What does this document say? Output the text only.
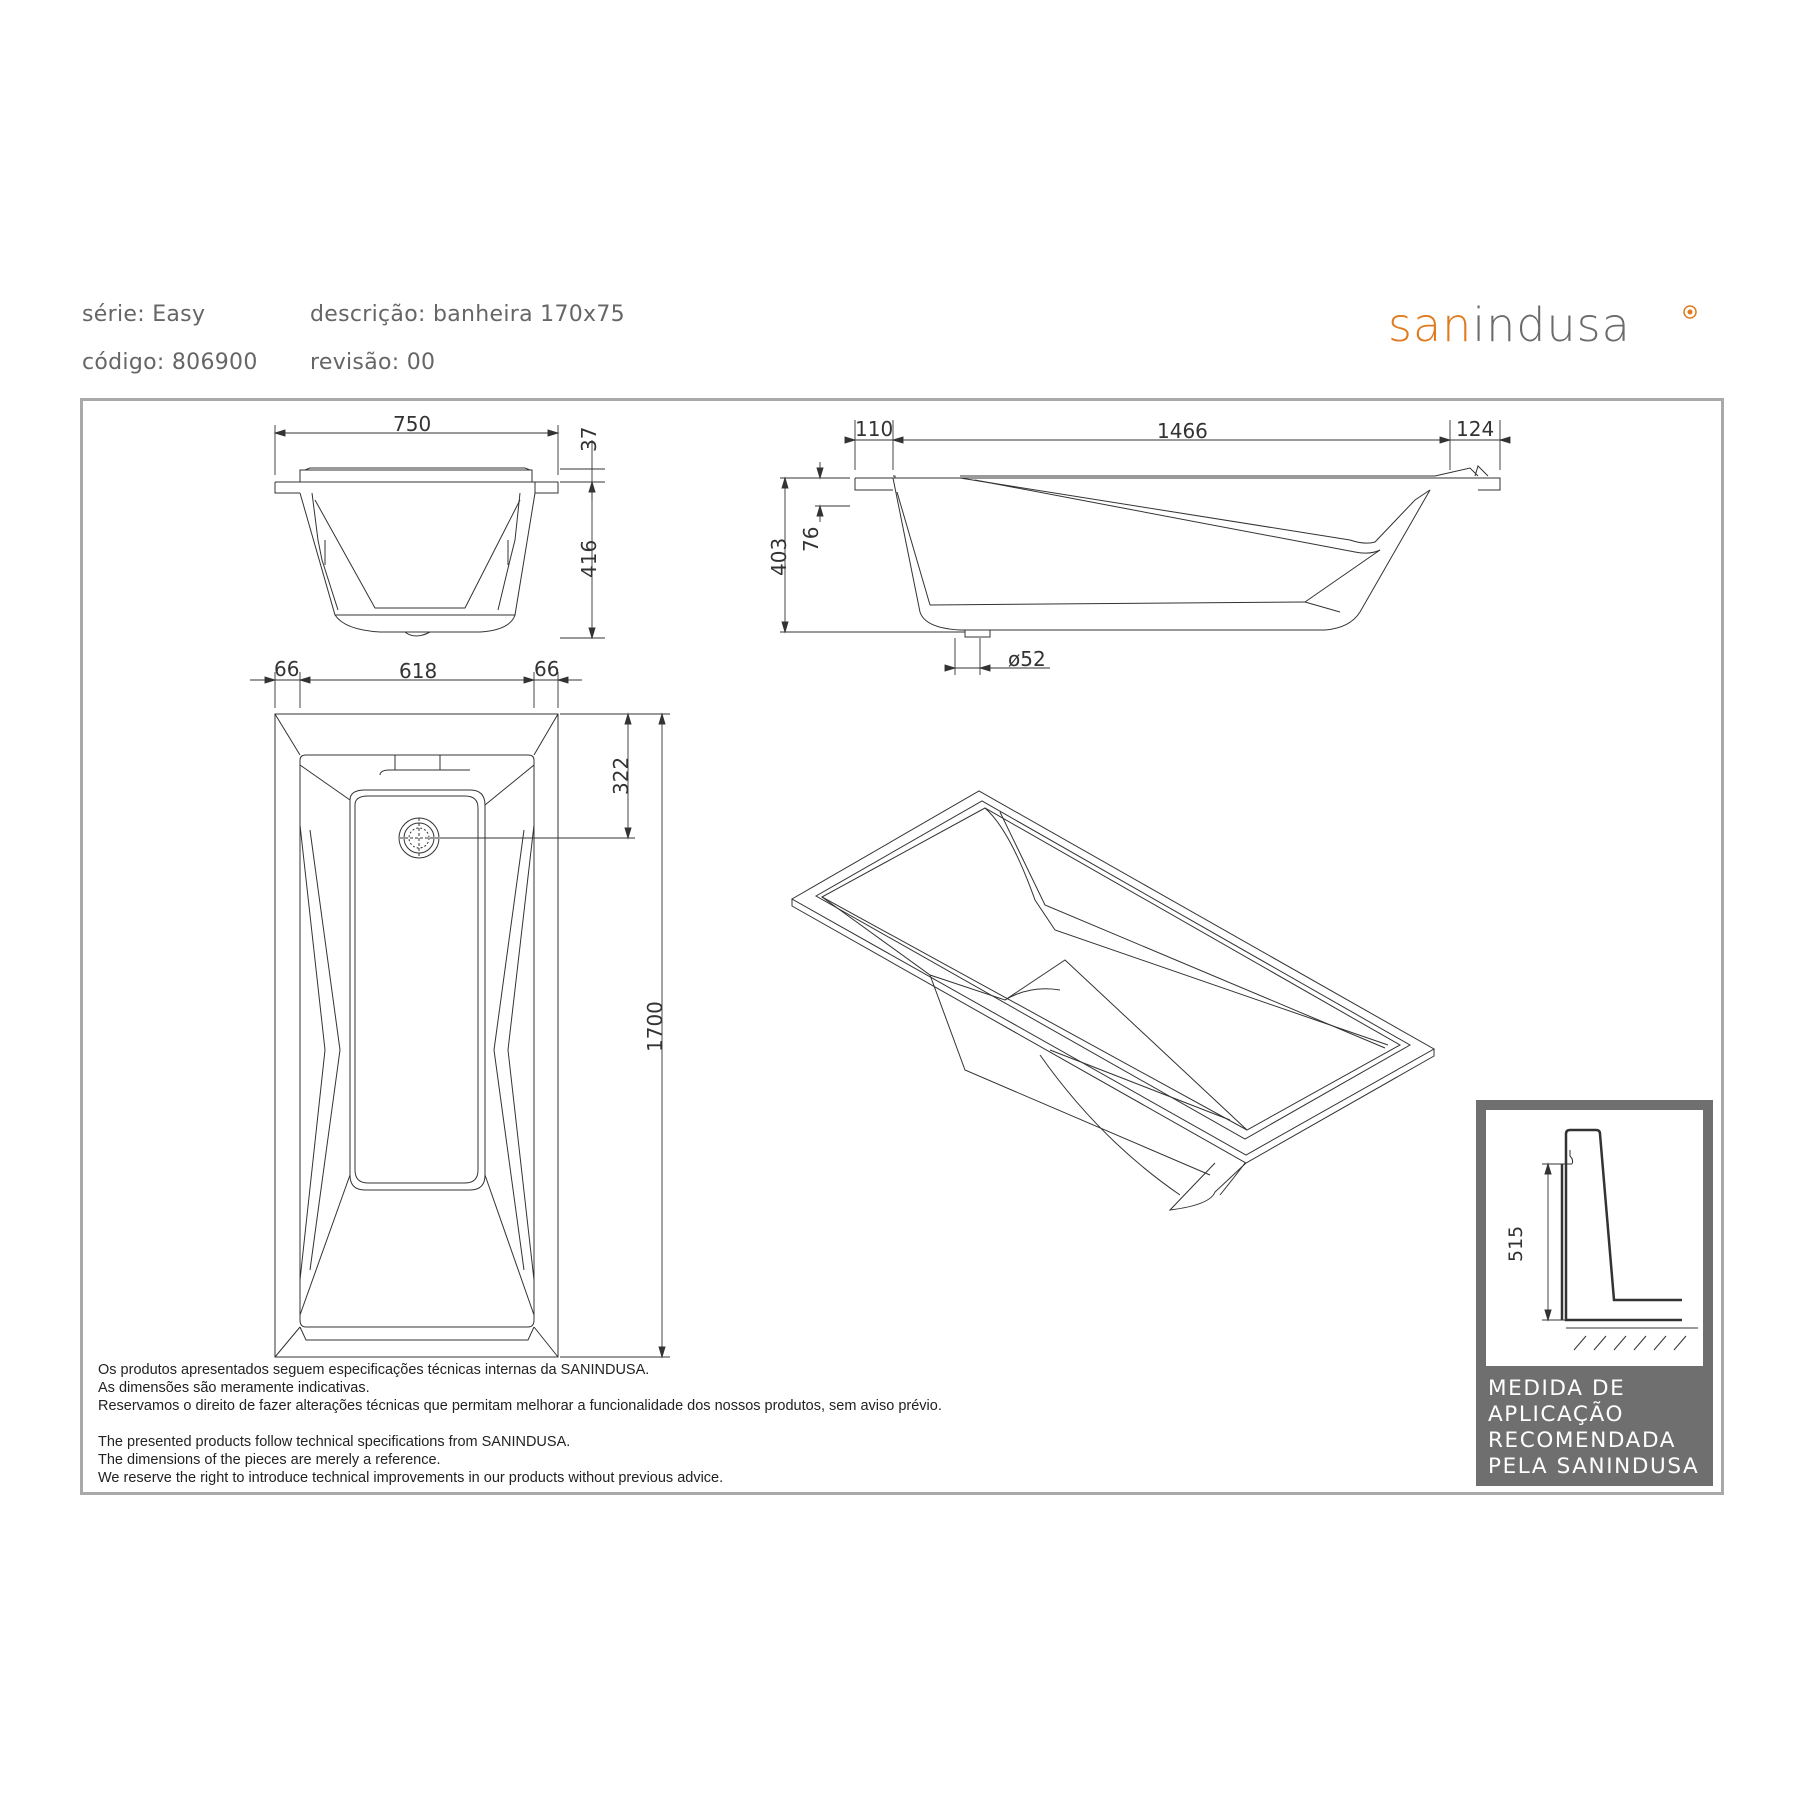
série: Easy
código: 806900
descrição: banheira 170x75
revisão: 00
sanindusa
750
37
416
110	1466	124
403 76
ø52
66	618	66
322
1700
Os produtos apresentados seguem especificações técnicas internas da SANINDUSA.
As dimensões são meramente indicativas.
Reservamos o direito de fazer alterações técnicas que permitam melhorar a funcionalidade dos nossos produtos, sem aviso prévio.
The presented products follow technical specifications from SANINDUSA.
The dimensions of the pieces are merely a reference.
We reserve the right to introduce technical improvements in our products without previous advice.
515
MEDIDA DE
APLICAÇÃO
RECOMENDADA
PELA SANINDUSA
